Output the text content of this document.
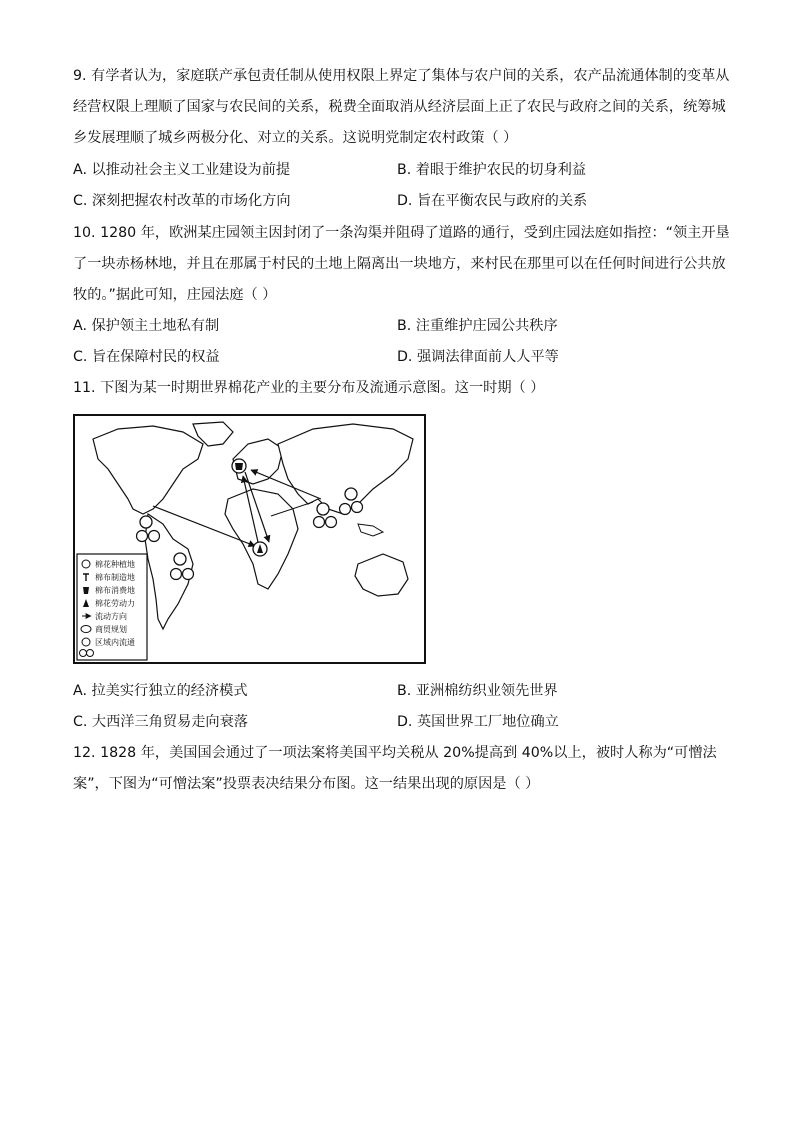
9. 有学者认为，家庭联产承包责任制从使用权限上界定了集体与农户间的关系，农产品流通体制的变革从
经营权限上理顺了国家与农民间的关系，税费全面取消从经济层面上正了农民与政府之间的关系，统筹城
乡发展理顺了城乡两极分化、对立的关系。这说明党制定农村政策（ ）
A. 以推动社会主义工业建设为前提	B. 着眼于维护农民的切身利益
C. 深刻把握农村改革的市场化方向	D. 旨在平衡农民与政府的关系
10. 1280 年，欧洲某庄园领主因封闭了一条沟渠并阻碍了道路的通行，受到庄园法庭如指控：“领主开垦
了一块赤杨林地，并且在那属于村民的土地上隔离出一块地方，来村民在那里可以在任何时间进行公共放
牧的。”据此可知，庄园法庭（ ）
A. 保护领主土地私有制	B. 注重维护庄园公共秩序
C. 旨在保障村民的权益	D. 强调法律面前人人平等
11. 下图为某一时期世界棉花产业的主要分布及流通示意图。这一时期（ ）
棉花种植地
棉布制造地
棉布消费地
棉花劳动力
流动方向
商贸规划
区域内流通
A. 拉美实行独立的经济模式	B. 亚洲棉纺织业领先世界
C. 大西洋三角贸易走向衰落	D. 英国世界工厂地位确立
12. 1828 年，美国国会通过了一项法案将美国平均关税从 20%提高到 40%以上，被时人称为“可憎法
案”，下图为“可憎法案”投票表决结果分布图。这一结果出现的原因是（ ）
